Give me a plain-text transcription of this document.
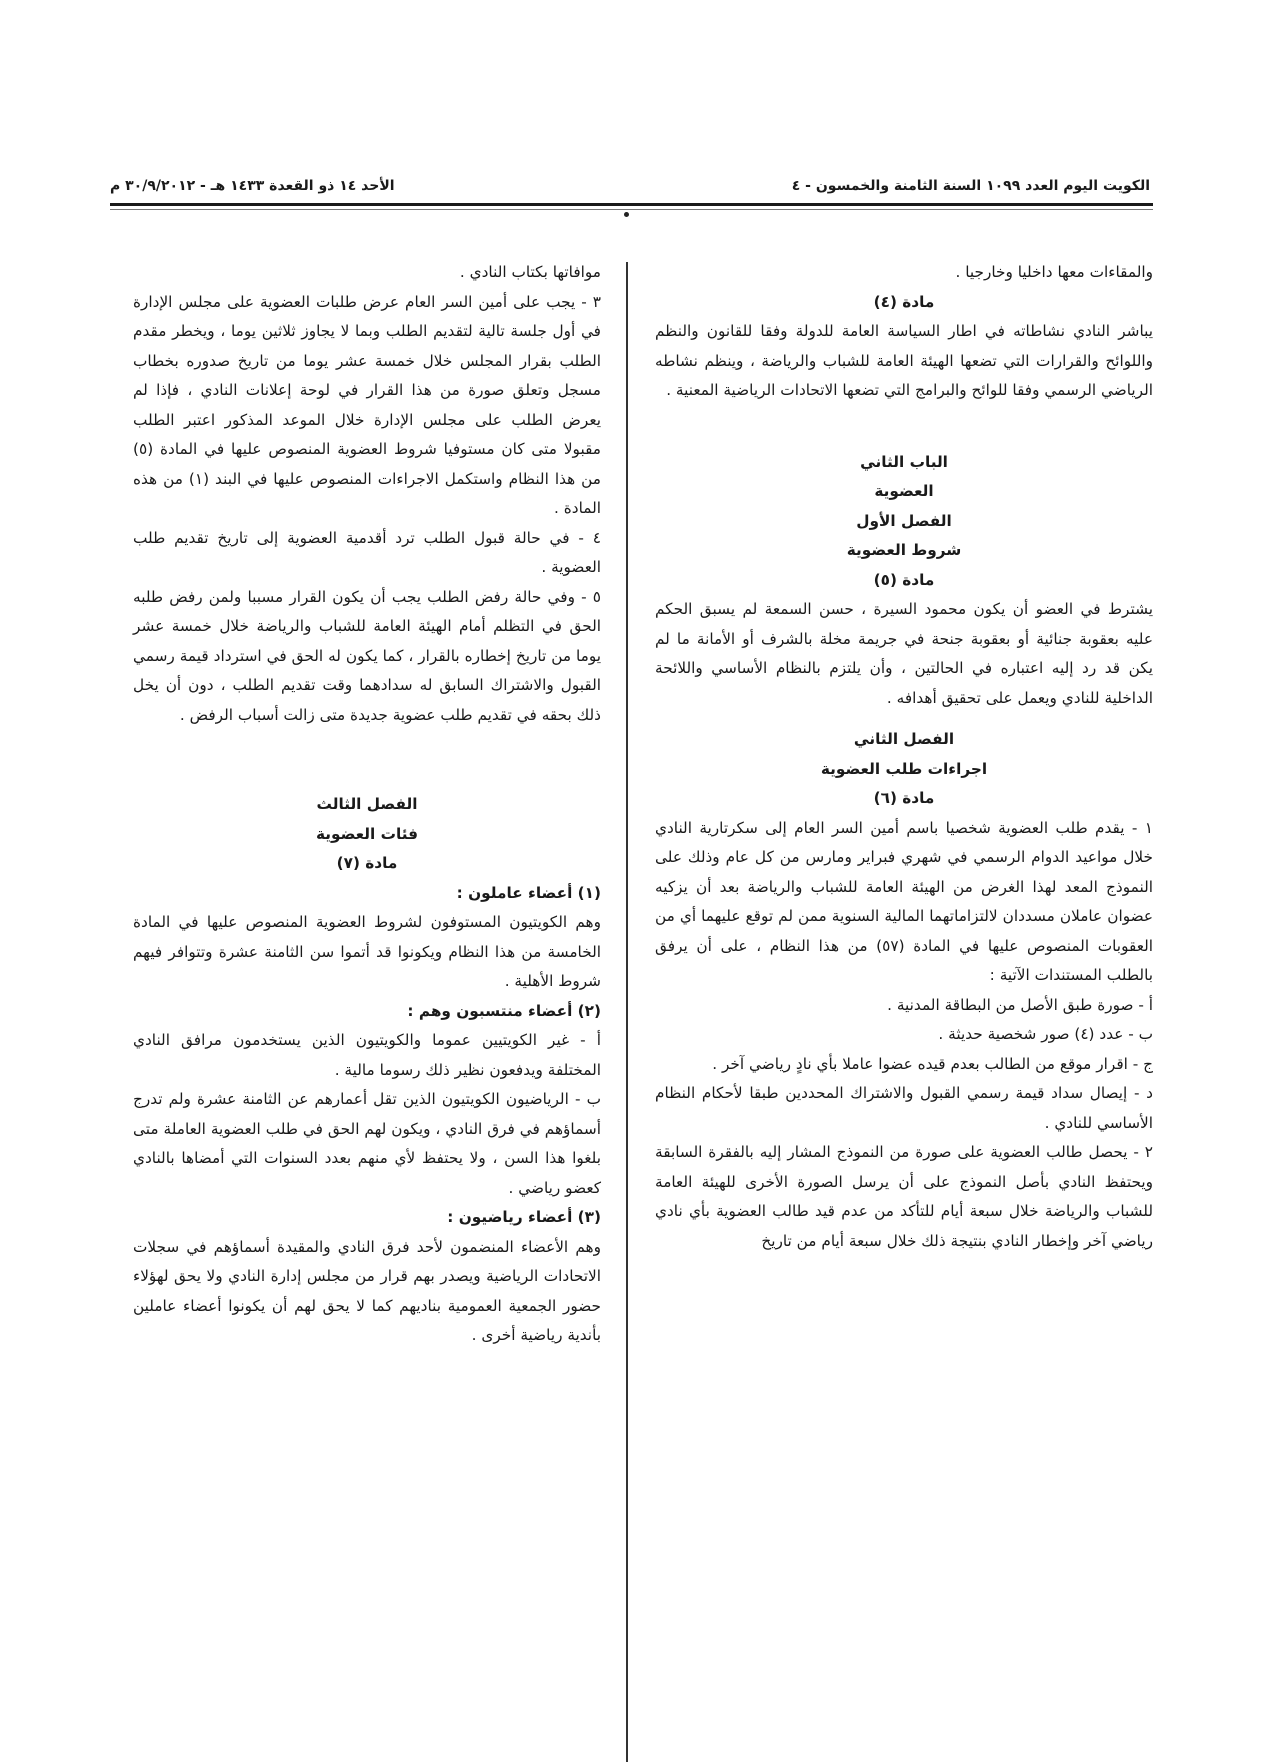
الكويت اليوم العدد ١٠٩٩ السنة الثامنة والخمسون - ٤
الأحد ١٤ ذو القعدة ١٤٣٣ هـ - ٣٠/٩/٢٠١٢ م

والمقاءات معها داخليا وخارجيا .

مادة (٤)

يباشر النادي نشاطاته في اطار السياسة العامة للدولة وفقا للقانون والنظم واللوائح والقرارات التي تضعها الهيئة العامة للشباب والرياضة ، وينظم نشاطه الرياضي الرسمي وفقا للوائح والبرامج التي تضعها الاتحادات الرياضية المعنية .

الباب الثاني

العضوية

الفصل الأول

شروط العضوية

مادة (٥)

يشترط في العضو أن يكون محمود السيرة ، حسن السمعة لم يسبق الحكم عليه بعقوبة جنائية أو بعقوبة جنحة في جريمة مخلة بالشرف أو الأمانة ما لم يكن قد رد إليه اعتباره في الحالتين ، وأن يلتزم بالنظام الأساسي واللائحة الداخلية للنادي ويعمل على تحقيق أهدافه .

الفصل الثاني

اجراءات طلب العضوية

مادة (٦)

١ - يقدم طلب العضوية شخصيا باسم أمين السر العام إلى سكرتارية النادي خلال مواعيد الدوام الرسمي في شهري فبراير ومارس من كل عام وذلك على النموذج المعد لهذا الغرض من الهيئة العامة للشباب والرياضة بعد أن يزكيه عضوان عاملان مسددان لالتزاماتهما المالية السنوية ممن لم توقع عليهما أي من العقوبات المنصوص عليها في المادة (٥٧) من هذا النظام ، على أن يرفق بالطلب المستندات الآتية :

أ - صورة طبق الأصل من البطاقة المدنية .

ب - عدد (٤) صور شخصية حديثة .

ج - اقرار موقع من الطالب بعدم قيده عضوا عاملا بأي نادٍ رياضي آخر .

د - إيصال سداد قيمة رسمي القبول والاشتراك المحددين طبقا لأحكام النظام الأساسي للنادي .

٢ - يحصل طالب العضوية على صورة من النموذج المشار إليه بالفقرة السابقة ويحتفظ النادي بأصل النموذج على أن يرسل الصورة الأخرى للهيئة العامة للشباب والرياضة خلال سبعة أيام للتأكد من عدم قيد طالب العضوية بأي نادي رياضي آخر وإخطار النادي بنتيجة ذلك خلال سبعة أيام من تاريخ

موافاتها بكتاب النادي .

٣ - يجب على أمين السر العام عرض طلبات العضوية على مجلس الإدارة في أول جلسة تالية لتقديم الطلب وبما لا يجاوز ثلاثين يوما ، ويخطر مقدم الطلب بقرار المجلس خلال خمسة عشر يوما من تاريخ صدوره بخطاب مسجل وتعلق صورة من هذا القرار في لوحة إعلانات النادي ، فإذا لم يعرض الطلب على مجلس الإدارة خلال الموعد المذكور اعتبر الطلب مقبولا متى كان مستوفيا شروط العضوية المنصوص عليها في المادة (٥) من هذا النظام واستكمل الاجراءات المنصوص عليها في البند (١) من هذه المادة .

٤ - في حالة قبول الطلب ترد أقدمية العضوية إلى تاريخ تقديم طلب العضوية .

٥ - وفي حالة رفض الطلب يجب أن يكون القرار مسببا ولمن رفض طلبه الحق في التظلم أمام الهيئة العامة للشباب والرياضة خلال خمسة عشر يوما من تاريخ إخطاره بالقرار ، كما يكون له الحق في استرداد قيمة رسمي القبول والاشتراك السابق له سدادهما وقت تقديم الطلب ، دون أن يخل ذلك بحقه في تقديم طلب عضوية جديدة متى زالت أسباب الرفض .

الفصل الثالث

فئات العضوية

مادة (٧)

(١) أعضاء عاملون :

وهم الكويتيون المستوفون لشروط العضوية المنصوص عليها في المادة الخامسة من هذا النظام ويكونوا قد أتموا سن الثامنة عشرة وتتوافر فيهم شروط الأهلية .

(٢) أعضاء منتسبون وهم :

أ - غير الكويتيين عموما والكويتيون الذين يستخدمون مرافق النادي المختلفة ويدفعون نظير ذلك رسوما مالية .

ب - الرياضيون الكويتيون الذين تقل أعمارهم عن الثامنة عشرة ولم تدرج أسماؤهم في فرق النادي ، ويكون لهم الحق في طلب العضوية العاملة متى بلغوا هذا السن ، ولا يحتفظ لأي منهم بعدد السنوات التي أمضاها بالنادي كعضو رياضي .

(٣) أعضاء رياضيون :

وهم الأعضاء المنضمون لأحد فرق النادي والمقيدة أسماؤهم في سجلات الاتحادات الرياضية ويصدر بهم قرار من مجلس إدارة النادي ولا يحق لهؤلاء حضور الجمعية العمومية بناديهم كما لا يحق لهم أن يكونوا أعضاء عاملين بأندية رياضية أخرى .
